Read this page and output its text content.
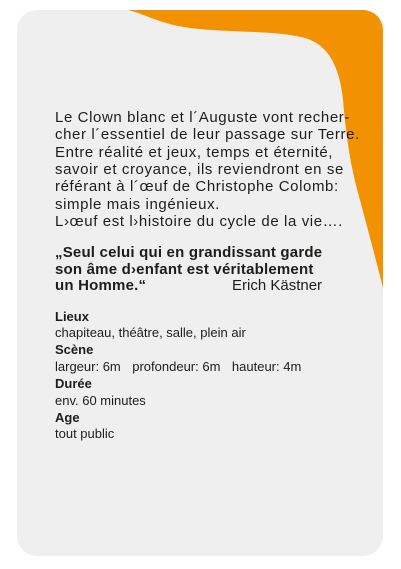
Le Clown blanc et l´Auguste vont recher-
cher l´essentiel de leur passage sur Terre.
Entre réalité et jeux, temps et éternité,
savoir et croyance, ils reviendront en se
référant à l´œuf de Christophe Colomb:
simple mais ingénieux.
L›œuf est l›histoire du cycle de la vie….
„Seul celui qui en grandissant garde
son âme d›enfant est véritablement
un Homme.“	Erich Kästner
Lieux
chapiteau, théâtre, salle, plein air
Scène
largeur: 6m profondeur: 6m hauteur: 4m
Durée
env. 60 minutes
Age
tout public
